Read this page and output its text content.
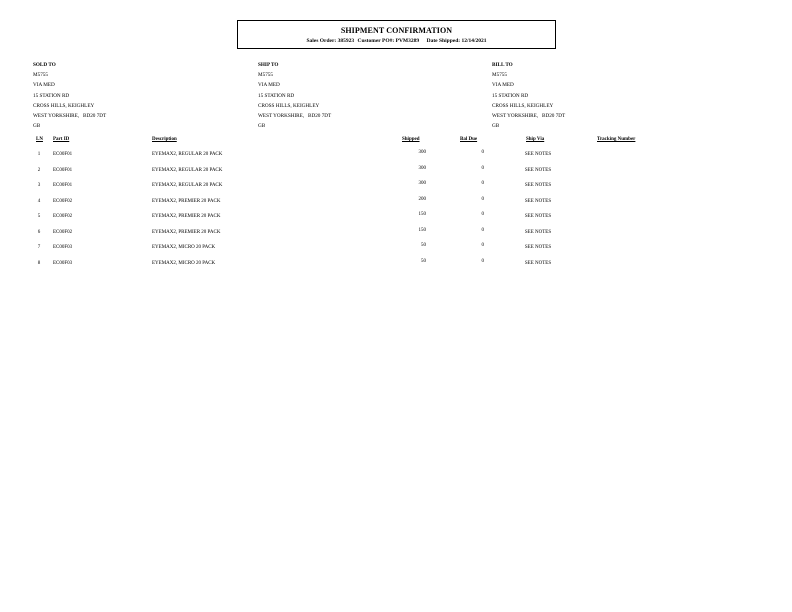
SHIPMENT CONFIRMATION
Sales Order: 385923 Customer PO#: PVM3289 Date Shipped: 12/14/2021
SOLD TO
M5755
VIA MED
15 STATION RD
CROSS HILLS, KEIGHLEY
WEST YORKSHIRE,   BD20 7DT
GB
SHIP TO
M5755
VIA MED
15 STATION RD
CROSS HILLS, KEIGHLEY
WEST YORKSHIRE,   BD20 7DT
GB
BILL TO
M5755
VIA MED
15 STATION RD
CROSS HILLS, KEIGHLEY
WEST YORKSHIRE,   BD20 7DT
GB
LN Part ID	Description	Shipped	Bal Due	Ship Via	Tracking Number
1	EC00F01	EYEMAX2, REGULAR 20 PACK	300	0	SEE NOTES
2	EC00F01	EYEMAX2, REGULAR 20 PACK	300	0	SEE NOTES
3	EC00F01	EYEMAX2, REGULAR 20 PACK	300	0	SEE NOTES
4	EC00F02	EYEMAX2, PREMIER 20 PACK	200	0	SEE NOTES
5	EC00F02	EYEMAX2, PREMIER 20 PACK	150	0	SEE NOTES
6	EC00F02	EYEMAX2, PREMIER 20 PACK	150	0	SEE NOTES
7	EC00F03	EYEMAX2, MICRO 20 PACK	50	0	SEE NOTES
8	EC00F03	EYEMAX2, MICRO 20 PACK	50	0	SEE NOTES
